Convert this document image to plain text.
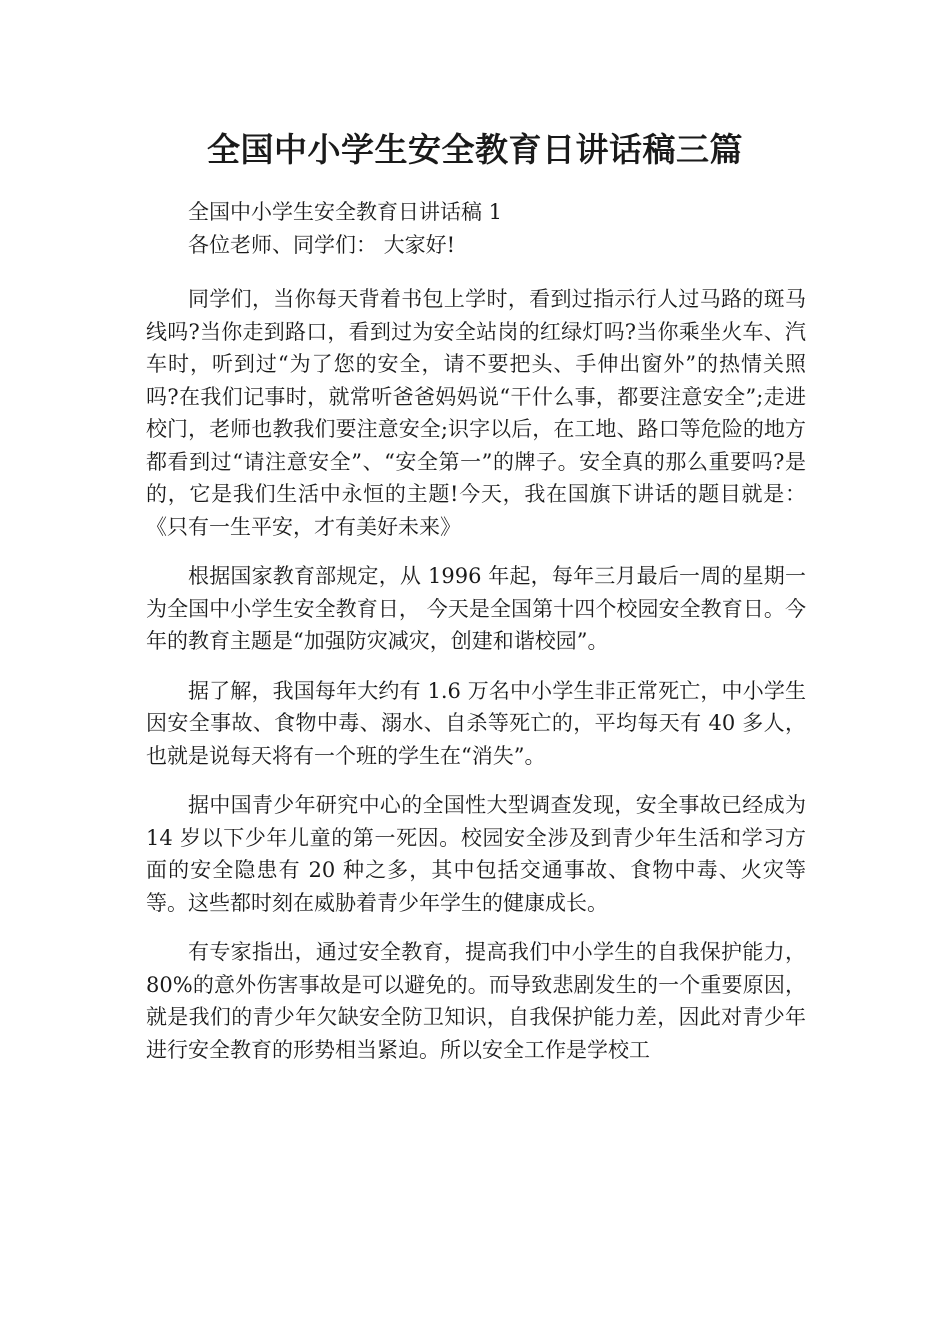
全国中小学生安全教育日讲话稿三篇

全国中小学生安全教育日讲话稿 1

各位老师、同学们： 大家好!

同学们，当你每天背着书包上学时，看到过指示行人过马路的斑马线吗?当你走到路口，看到过为安全站岗的红绿灯吗?当你乘坐火车、汽车时，听到过“为了您的安全，请不要把头、手伸出窗外”的热情关照吗?在我们记事时，就常听爸爸妈妈说“干什么事，都要注意安全”;走进校门，老师也教我们要注意安全;识字以后，在工地、路口等危险的地方都看到过“请注意安全”、“安全第一”的牌子。安全真的那么重要吗?是的，它是我们生活中永恒的主题!今天，我在国旗下讲话的题目就是：《只有一生平安，才有美好未来》

根据国家教育部规定，从 1996 年起，每年三月最后一周的星期一为全国中小学生安全教育日， 今天是全国第十四个校园安全教育日。今年的教育主题是“加强防灾减灾，创建和谐校园”。

据了解，我国每年大约有 1.6 万名中小学生非正常死亡，中小学生因安全事故、食物中毒、溺水、自杀等死亡的，平均每天有 40 多人，也就是说每天将有一个班的学生在“消失”。

据中国青少年研究中心的全国性大型调查发现，安全事故已经成为 14 岁以下少年儿童的第一死因。校园安全涉及到青少年生活和学习方面的安全隐患有 20 种之多，其中包括交通事故、食物中毒、火灾等等。这些都时刻在威胁着青少年学生的健康成长。

有专家指出，通过安全教育，提高我们中小学生的自我保护能力，80%的意外伤害事故是可以避免的。而导致悲剧发生的一个重要原因，就是我们的青少年欠缺安全防卫知识，自我保护能力差，因此对青少年进行安全教育的形势相当紧迫。所以安全工作是学校工
